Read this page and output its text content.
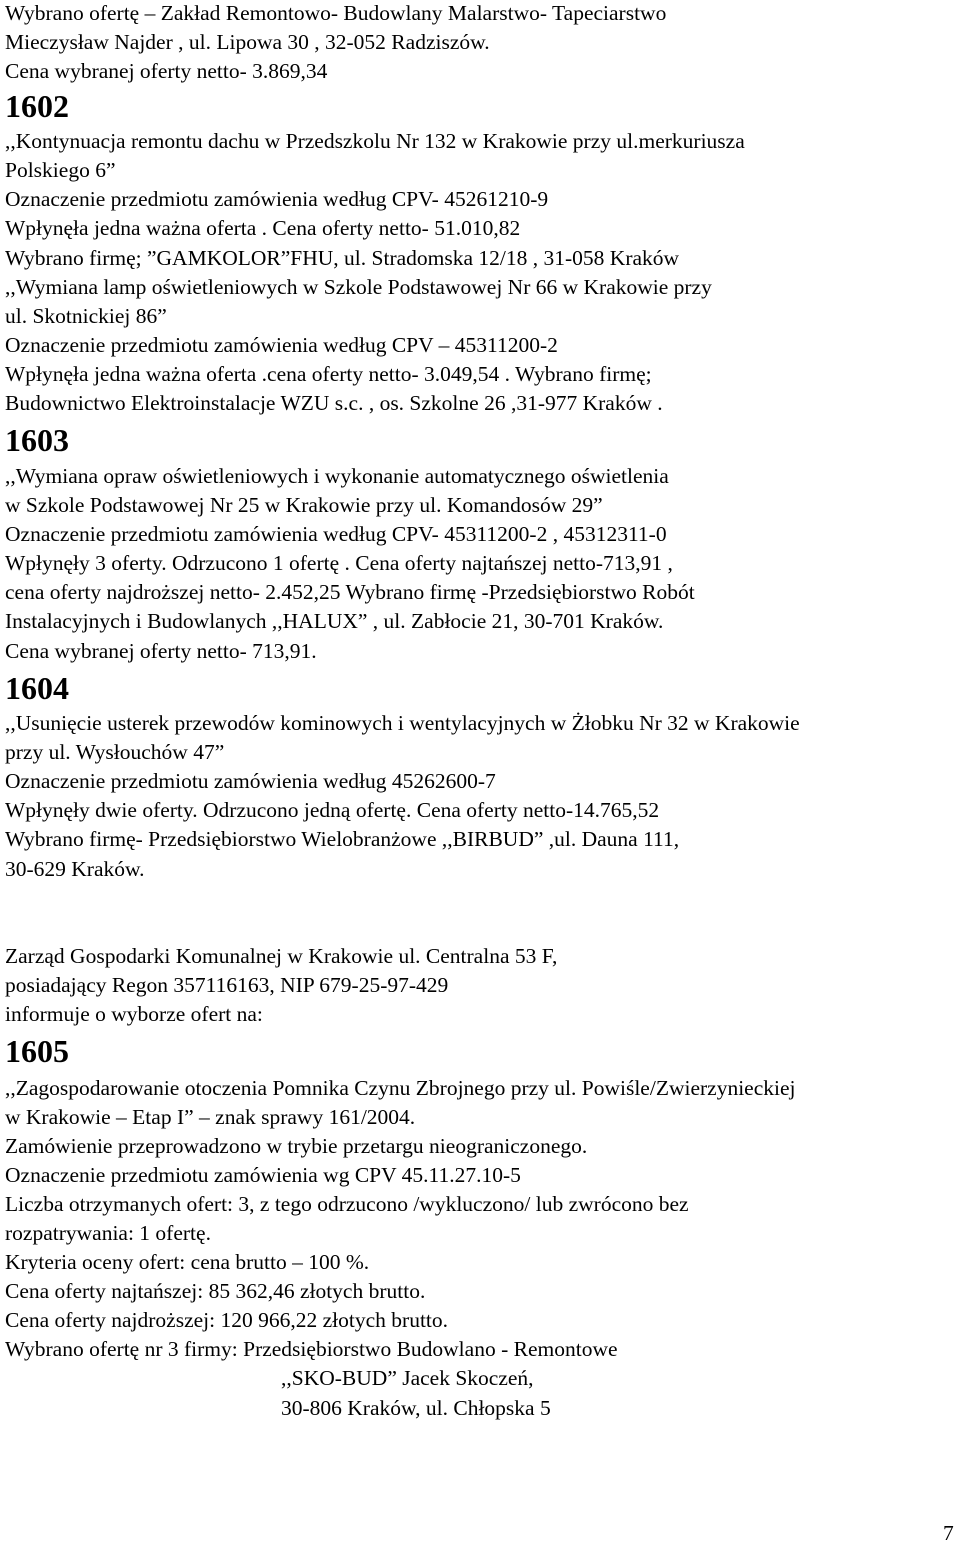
Wybrano ofertę – Zakład Remontowo- Budowlany Malarstwo- Tapeciarstwo
Mieczysław Najder , ul. Lipowa 30 , 32-052 Radziszów.
Cena wybranej oferty netto- 3.869,34
1602
,,Kontynuacja remontu dachu w Przedszkolu Nr 132 w Krakowie przy ul.merkuriusza
Polskiego 6”
Oznaczenie przedmiotu zamówienia według CPV- 45261210-9
Wpłynęła jedna ważna oferta . Cena oferty netto- 51.010,82
Wybrano firmę; ”GAMKOLOR”FHU, ul. Stradomska 12/18 , 31-058 Kraków
,,Wymiana lamp oświetleniowych w Szkole Podstawowej Nr 66 w Krakowie przy
ul. Skotnickiej 86”
Oznaczenie przedmiotu zamówienia według CPV – 45311200-2
Wpłynęła jedna ważna oferta .cena oferty netto- 3.049,54 . Wybrano firmę;
Budownictwo Elektroinstalacje WZU s.c. , os. Szkolne 26 ,31-977 Kraków .
1603
,,Wymiana opraw oświetleniowych i wykonanie automatycznego oświetlenia
w Szkole Podstawowej Nr 25 w Krakowie przy ul. Komandosów 29”
Oznaczenie przedmiotu zamówienia według CPV- 45311200-2 , 45312311-0
Wpłynęły 3 oferty. Odrzucono 1 ofertę . Cena oferty najtańszej netto-713,91 ,
cena oferty najdroższej netto- 2.452,25 Wybrano firmę -Przedsiębiorstwo Robót
Instalacyjnych i Budowlanych ,,HALUX” , ul. Zabłocie 21, 30-701 Kraków.
Cena wybranej oferty netto- 713,91.
1604
,,Usunięcie usterek przewodów kominowych i wentylacyjnych w Żłobku Nr 32 w Krakowie
przy ul. Wysłouchów 47”
Oznaczenie przedmiotu zamówienia według 45262600-7
Wpłynęły dwie oferty. Odrzucono jedną ofertę. Cena oferty netto-14.765,52
Wybrano firmę- Przedsiębiorstwo Wielobranżowe ,,BIRBUD” ,ul. Dauna 111,
30-629 Kraków.
Zarząd Gospodarki Komunalnej w Krakowie ul. Centralna 53 F,
posiadający Regon 357116163, NIP 679-25-97-429
informuje o wyborze ofert na:
1605
,,Zagospodarowanie otoczenia Pomnika Czynu Zbrojnego przy ul. Powiśle/Zwierzynieckiej
w Krakowie – Etap I” – znak sprawy 161/2004.
Zamówienie przeprowadzono w trybie przetargu nieograniczonego.
Oznaczenie przedmiotu zamówienia wg CPV 45.11.27.10-5
Liczba otrzymanych ofert: 3, z tego odrzucono /wykluczono/ lub zwrócono bez
rozpatrywania: 1 ofertę.
Kryteria oceny ofert: cena brutto – 100 %.
Cena oferty najtańszej: 85 362,46 złotych brutto.
Cena oferty najdroższej: 120 966,22 złotych brutto.
Wybrano ofertę nr 3 firmy: Przedsiębiorstwo Budowlano - Remontowe
,,SKO-BUD” Jacek Skoczeń,
30-806 Kraków, ul. Chłopska 5
7
